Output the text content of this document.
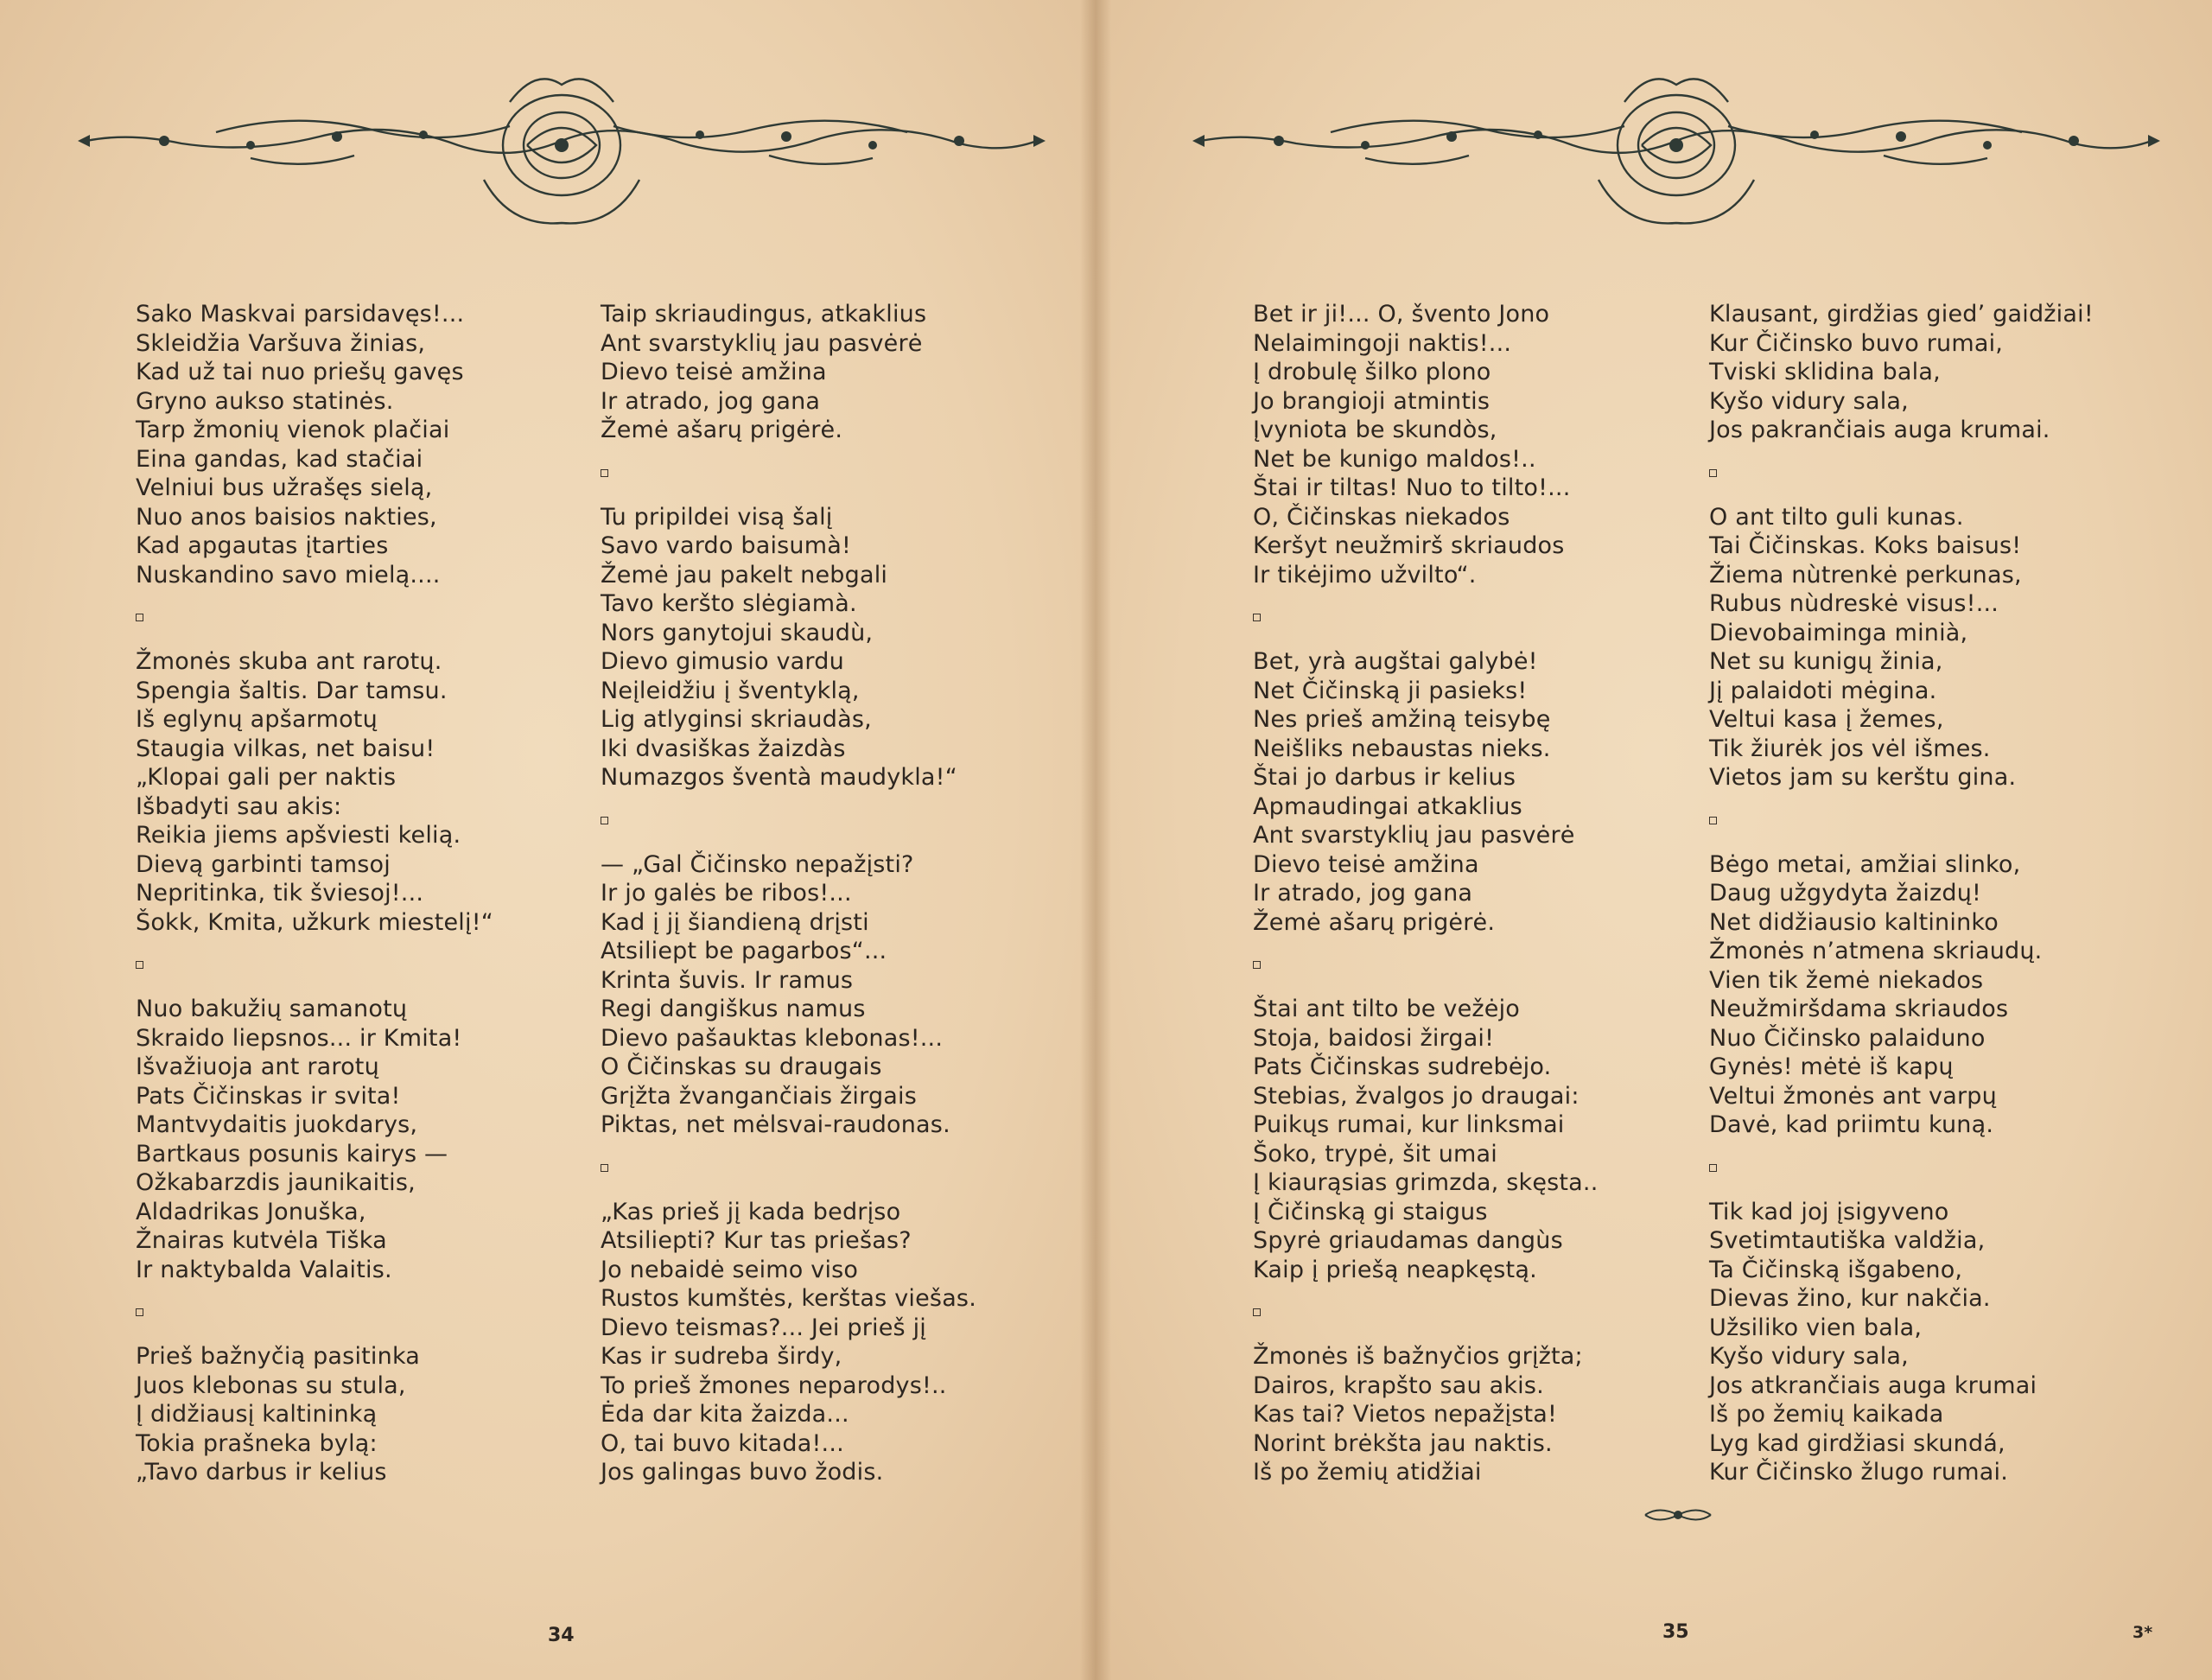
Sako Maskvai parsidavęs!...
Skleidžia Varšuva žinias,
Kad už tai nuo priešų gavęs
Gryno aukso statinės.
Tarp žmonių vienok plačiai
Eina gandas, kad stačiai
Velniui bus užrašęs sielą,
Nuo anos baisios nakties,
Kad apgautas įtarties
Nuskandino savo mielą....
Žmonės skuba ant rarotų.
Spengia šaltis. Dar tamsu.
Iš eglynų apšarmotų
Staugia vilkas, net baisu!
„Klopai gali per naktis
Išbadyti sau akis:
Reikia jiems apšviesti kelią.
Dievą garbinti tamsoj
Nepritinka, tik šviesoj!...
Šokk, Kmita, užkurk miestelį!“
Nuo bakužių samanotų
Skraido liepsnos... ir Kmita!
Išvažiuoja ant rarotų
Pats Čičinskas ir svita!
Mantvydaitis juokdarys,
Bartkaus posunis kairys —
Ožkabarzdis jaunikaitis,
Aldadrikas Jonuška,
Žnairas kutvėla Tiška
Ir naktybalda Valaitis.
Prieš bažnyčią pasitinka
Juos klebonas su stula,
Į didžiausį kaltininką
Tokia prašneka bylą:
„Tavo darbus ir kelius
Taip skriaudingus, atkaklius
Ant svarstyklių jau pasvėrė
Dievo teisė amžina
Ir atrado, jog gana
Žemė ašarų prigėrė.
Tu pripildei visą šalį
Savo vardo baisumà!
Žemė jau pakelt nebgali
Tavo keršto slėgiamà.
Nors ganytojui skaudù,
Dievo gimusio vardu
Neįleidžiu į šventyklą,
Lig atlyginsi skriaudàs,
Iki dvasiškas žaizdàs
Numazgos šventà maudykla!“
— „Gal Čičinsko nepažįsti?
Ir jo galės be ribos!...
Kad į jį šiandieną drįsti
Atsiliept be pagarbos“...
Krinta šuvis. Ir ramus
Regi dangiškus namus
Dievo pašauktas klebonas!...
O Čičinskas su draugais
Grįžta žvangančiais žirgais
Piktas, net mėlsvai-raudonas.
„Kas prieš jį kada bedrįso
Atsiliepti? Kur tas priešas?
Jo nebaidė seimo viso
Rustos kumštės, kerštas viešas.
Dievo teismas?... Jei prieš jį
Kas ir sudreba širdy,
To prieš žmones neparodys!..
Ėda dar kita žaizda...
O, tai buvo kitada!...
Jos galingas buvo žodis.
Bet ir ji!... O, švento Jono
Nelaimingoji naktis!...
Į drobulę šilko plono
Jo brangioji atmintis
Įvyniota be skundòs,
Net be kunigo maldos!..
Štai ir tiltas! Nuo to tilto!...
O, Čičinskas niekados
Keršyt neužmirš skriaudos
Ir tikėjimo užvilto“.
Bet, yrà augštai galybė!
Net Čičinską ji pasieks!
Nes prieš amžiną teisybę
Neišliks nebaustas nieks.
Štai jo darbus ir kelius
Apmaudingai atkaklius
Ant svarstyklių jau pasvėrė
Dievo teisė amžina
Ir atrado, jog gana
Žemė ašarų prigėrė.
Štai ant tilto be vežėjo
Stoja, baidosi žirgai!
Pats Čičinskas sudrebėjo.
Stebias, žvalgos jo draugai:
Puikųs rumai, kur linksmai
Šoko, trypė, šit umai
Į kiaurąsias grimzda, skęsta..
Į Čičinską gi staigus
Spyrė griaudamas dangùs
Kaip į priešą neapkęstą.
Žmonės iš bažnyčios grįžta;
Dairos, krapšto sau akis.
Kas tai? Vietos nepažįsta!
Norint brėkšta jau naktis.
Iš po žemių atidžiai
Klausant, girdžias gied’ gaidžiai!
Kur Čičinsko buvo rumai,
Tviski sklidina bala,
Kyšo vidury sala,
Jos pakrančiais auga krumai.
O ant tilto guli kunas.
Tai Čičinskas. Koks baisus!
Žiema nùtrenkė perkunas,
Rubus nùdreskė visus!...
Dievobaiminga minià,
Net su kunigų žinia,
Jį palaidoti mėgina.
Veltui kasa į žemes,
Tik žiurėk jos vėl išmes.
Vietos jam su kerštu gina.
Bėgo metai, amžiai slinko,
Daug užgydyta žaizdų!
Net didžiausio kaltininko
Žmonės n’atmena skriaudų.
Vien tik žemė niekados
Neužmiršdama skriaudos
Nuo Čičinsko palaiduno
Gynės! mėtė iš kapų
Veltui žmonės ant varpų
Davė, kad priimtu kuną.
Tik kad joj įsigyveno
Svetimtautiška valdžia,
Ta Čičinską išgabeno,
Dievas žino, kur nakčia.
Užsiliko vien bala,
Kyšo vidury sala,
Jos atkrančiais auga krumai
Iš po žemių kaikada
Lyg kad girdžiasi skundá,
Kur Čičinsko žlugo rumai.
34	35	3*
